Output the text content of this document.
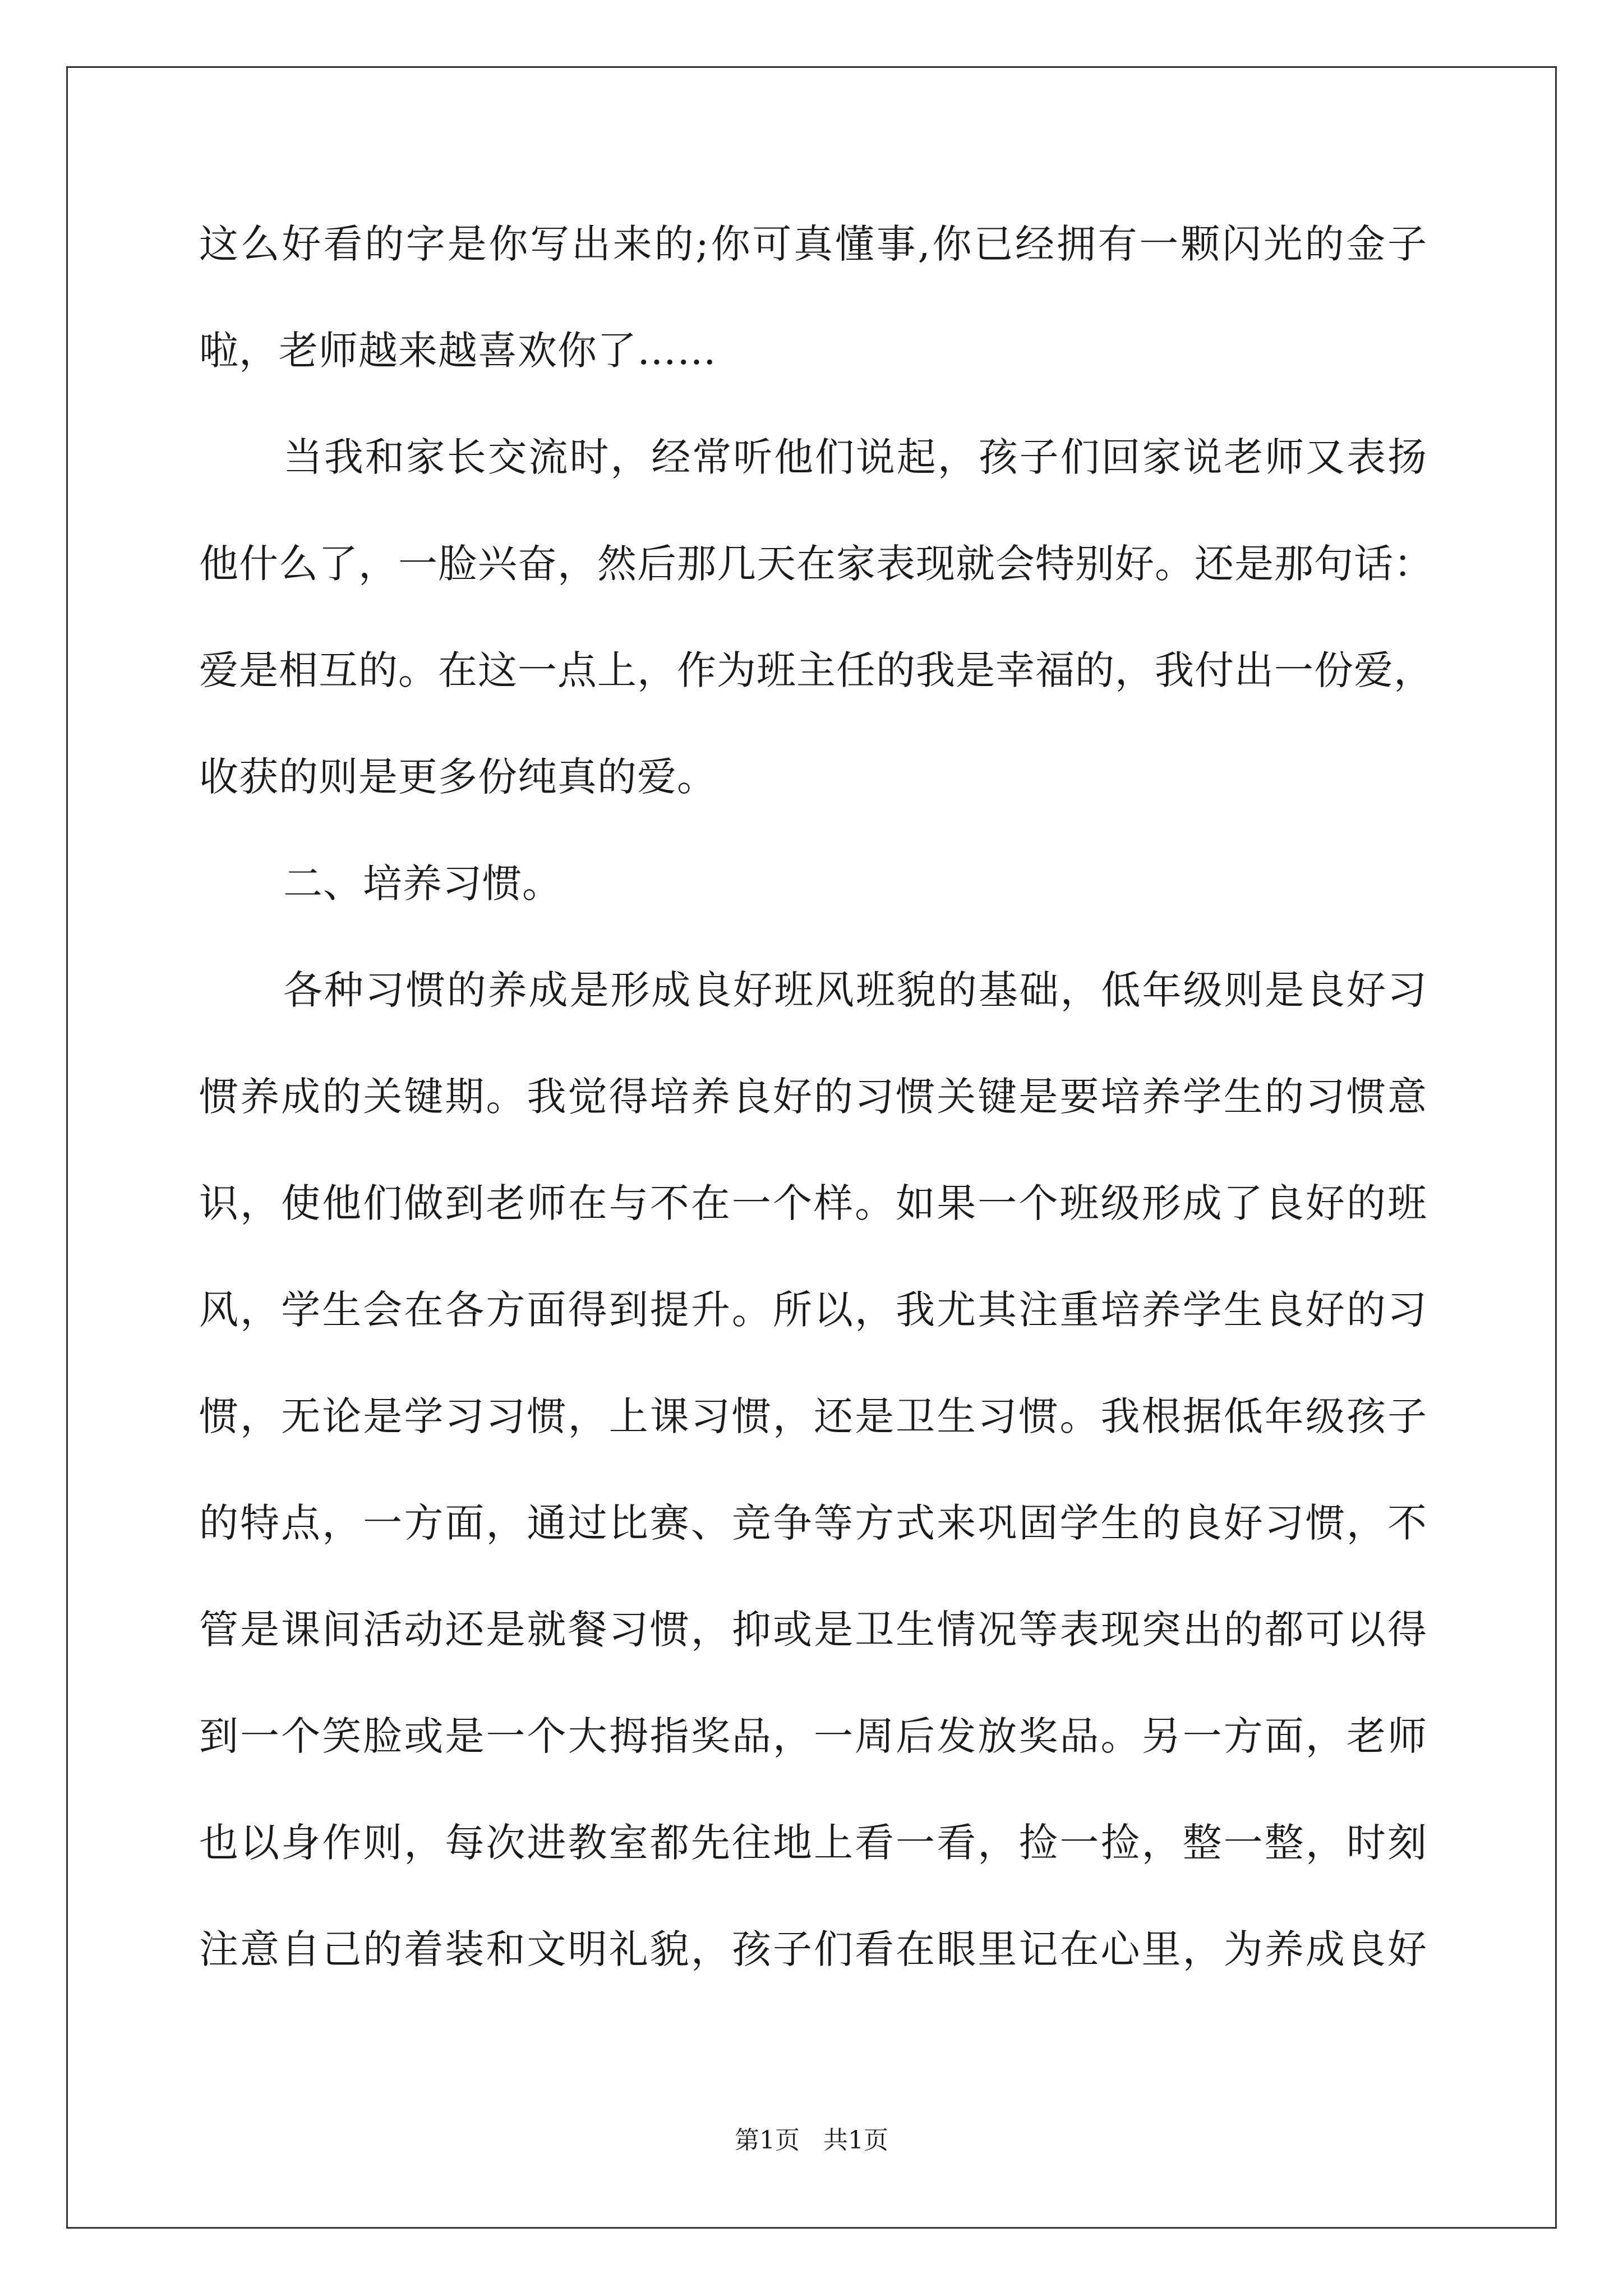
这么好看的字是你写出来的;你可真懂事,你已经拥有一颗闪光的金子
啦，老师越来越喜欢你了……
当我和家长交流时，经常听他们说起，孩子们回家说老师又表扬
他什么了，一脸兴奋，然后那几天在家表现就会特别好。还是那句话：
爱是相互的。在这一点上，作为班主任的我是幸福的，我付出一份爱，
收获的则是更多份纯真的爱。
二、培养习惯。
各种习惯的养成是形成良好班风班貌的基础，低年级则是良好习
惯养成的关键期。我觉得培养良好的习惯关键是要培养学生的习惯意
识，使他们做到老师在与不在一个样。如果一个班级形成了良好的班
风，学生会在各方面得到提升。所以，我尤其注重培养学生良好的习
惯，无论是学习习惯，上课习惯，还是卫生习惯。我根据低年级孩子
的特点，一方面，通过比赛、竞争等方式来巩固学生的良好习惯，不
管是课间活动还是就餐习惯，抑或是卫生情况等表现突出的都可以得
到一个笑脸或是一个大拇指奖品，一周后发放奖品。另一方面，老师
也以身作则，每次进教室都先往地上看一看，捡一捡，整一整，时刻
注意自己的着装和文明礼貌，孩子们看在眼里记在心里，为养成良好
第1页   共1页
